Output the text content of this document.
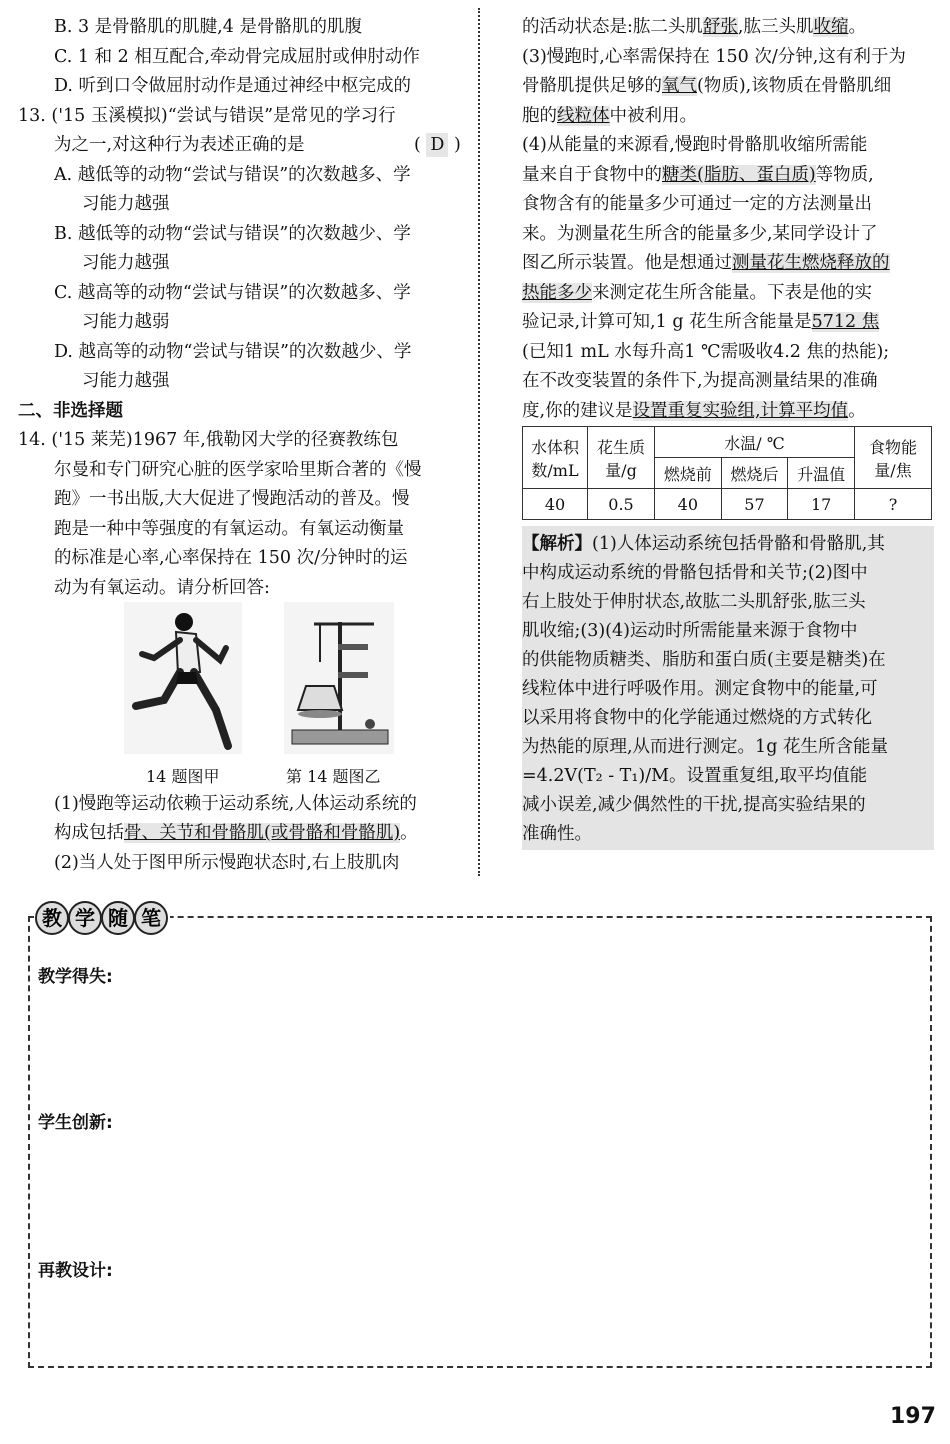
B. 3 是骨骼肌的肌腱,4 是骨骼肌的肌腹
C. 1 和 2 相互配合,牵动骨完成屈肘或伸肘动作
D. 听到口令做屈肘动作是通过神经中枢完成的
13. ('15 玉溪模拟)“尝试与错误”是常见的学习行
为之一,对这种行为表述正确的是	( D )
A. 越低等的动物“尝试与错误”的次数越多、学
习能力越强
B. 越低等的动物“尝试与错误”的次数越少、学
习能力越强
C. 越高等的动物“尝试与错误”的次数越多、学
习能力越弱
D. 越高等的动物“尝试与错误”的次数越少、学
习能力越强
二、非选择题
14. ('15 莱芜)1967 年,俄勒冈大学的径赛教练包
尔曼和专门研究心脏的医学家哈里斯合著的《慢
跑》一书出版,大大促进了慢跑活动的普及。慢
跑是一种中等强度的有氧运动。有氧运动衡量
的标准是心率,心率保持在 150 次/分钟时的运
动为有氧运动。请分析回答:
14 题图甲	第 14 题图乙
(1)慢跑等运动依赖于运动系统,人体运动系统的
构成包括骨、关节和骨骼肌(或骨骼和骨骼肌)。
(2)当人处于图甲所示慢跑状态时,右上肢肌肉
的活动状态是:肱二头肌舒张,肱三头肌收缩。
(3)慢跑时,心率需保持在 150 次/分钟,这有利于为
骨骼肌提供足够的氧气(物质),该物质在骨骼肌细
胞的线粒体中被利用。
(4)从能量的来源看,慢跑时骨骼肌收缩所需能
量来自于食物中的糖类(脂肪、蛋白质)等物质,
食物含有的能量多少可通过一定的方法测量出
来。为测量花生所含的能量多少,某同学设计了
图乙所示装置。他是想通过测量花生燃烧释放的
热能多少来测定花生所含能量。下表是他的实
验记录,计算可知,1 g 花生所含能量是5712 焦
(已知1 mL 水每升高1 ℃需吸收4.2 焦的热能);
在不改变装置的条件下,为提高测量结果的准确
度,你的建议是设置重复实验组,计算平均值。
水体积
数/mL	花生质
量/g	水温/ ℃			食物能
量/焦
		燃烧前	燃烧后	升温值	
40	0.5	40	57	17	?
【解析】(1)人体运动系统包括骨骼和骨骼肌,其
中构成运动系统的骨骼包括骨和关节;(2)图中
右上肢处于伸肘状态,故肱二头肌舒张,肱三头
肌收缩;(3)(4)运动时所需能量来源于食物中
的供能物质糖类、脂肪和蛋白质(主要是糖类)在
线粒体中进行呼吸作用。测定食物中的能量,可
以采用将食物中的化学能通过燃烧的方式转化
为热能的原理,从而进行测定。1g 花生所含能量
=4.2V(T₂ - T₁)/M。设置重复组,取平均值能
减小误差,减少偶然性的干扰,提高实验结果的
准确性。
教 学 随 笔
教学得失:
学生创新:
再教设计:
197
